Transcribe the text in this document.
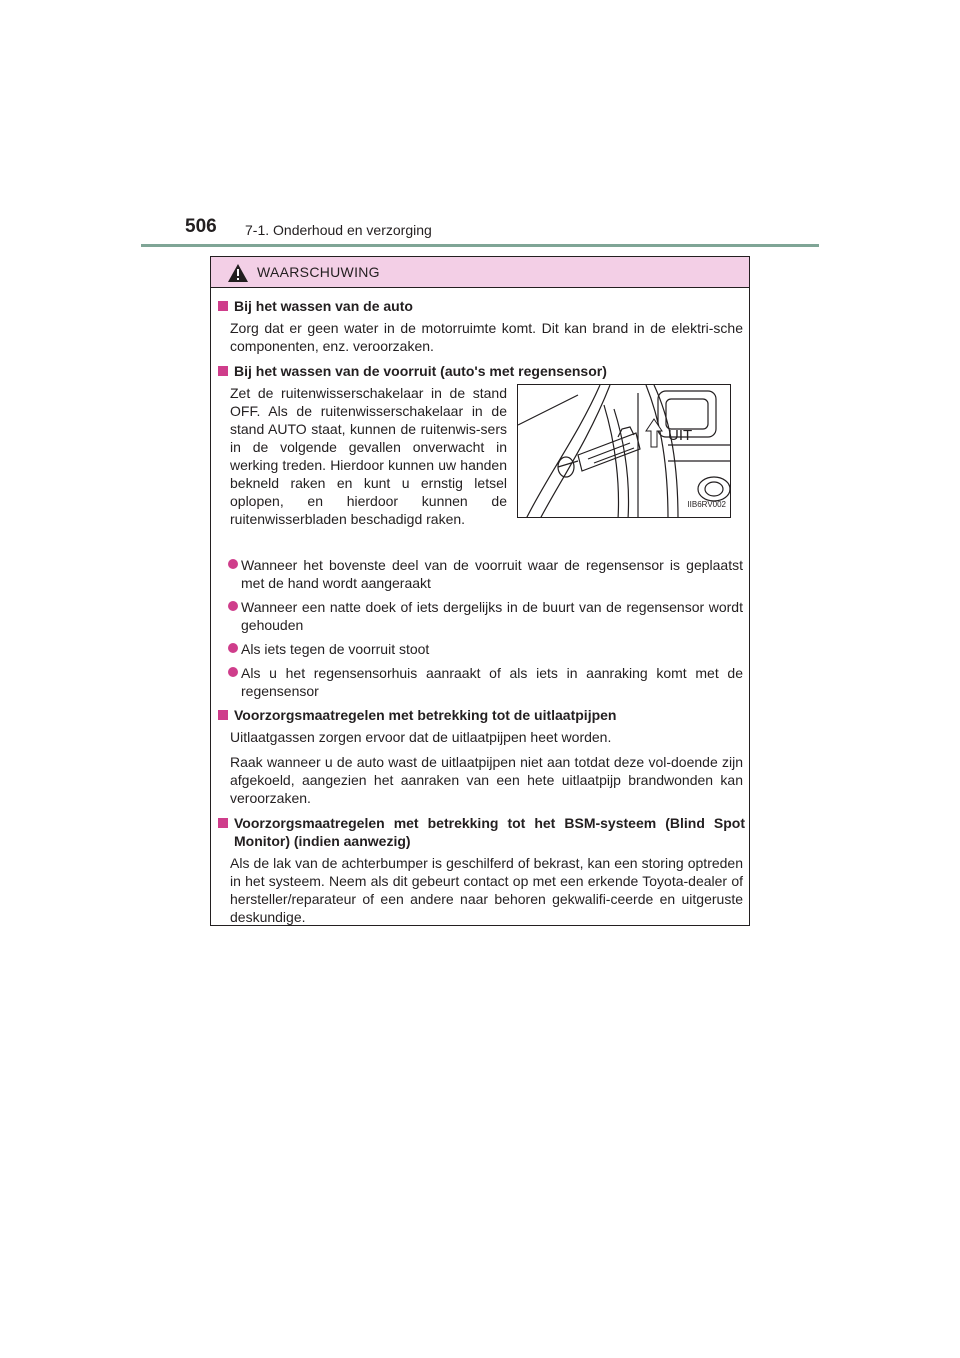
506 7-1. Onderhoud en verzorging
WAARSCHUWING
Bij het wassen van de auto
Zorg dat er geen water in de motorruimte komt. Dit kan brand in de elektri-sche componenten, enz. veroorzaken.
Bij het wassen van de voorruit (auto's met regensensor)
Zet de ruitenwisserschakelaar in de stand OFF. Als de ruitenwisserschakelaar in de stand AUTO staat, kunnen de ruitenwis-sers in de volgende gevallen onverwacht in werking treden. Hierdoor kunnen uw handen bekneld raken en kunt u ernstig letsel oplopen, en hierdoor kunnen de ruitenwisserbladen beschadigd raken.
UIT
IIB6RV002
Wanneer het bovenste deel van de voorruit waar de regensensor is geplaatst met de hand wordt aangeraakt
Wanneer een natte doek of iets dergelijks in de buurt van de regensensor wordt gehouden
Als iets tegen de voorruit stoot
Als u het regensensorhuis aanraakt of als iets in aanraking komt met de regensensor
Voorzorgsmaatregelen met betrekking tot de uitlaatpijpen
Uitlaatgassen zorgen ervoor dat de uitlaatpijpen heet worden.
Raak wanneer u de auto wast de uitlaatpijpen niet aan totdat deze vol-doende zijn afgekoeld, aangezien het aanraken van een hete uitlaatpijp brandwonden kan veroorzaken.
Voorzorgsmaatregelen met betrekking tot het BSM-systeem (Blind Spot Monitor) (indien aanwezig)
Als de lak van de achterbumper is geschilferd of bekrast, kan een storing optreden in het systeem. Neem als dit gebeurt contact op met een erkende Toyota-dealer of hersteller/reparateur of een andere naar behoren gekwalifi-ceerde en uitgeruste deskundige.
